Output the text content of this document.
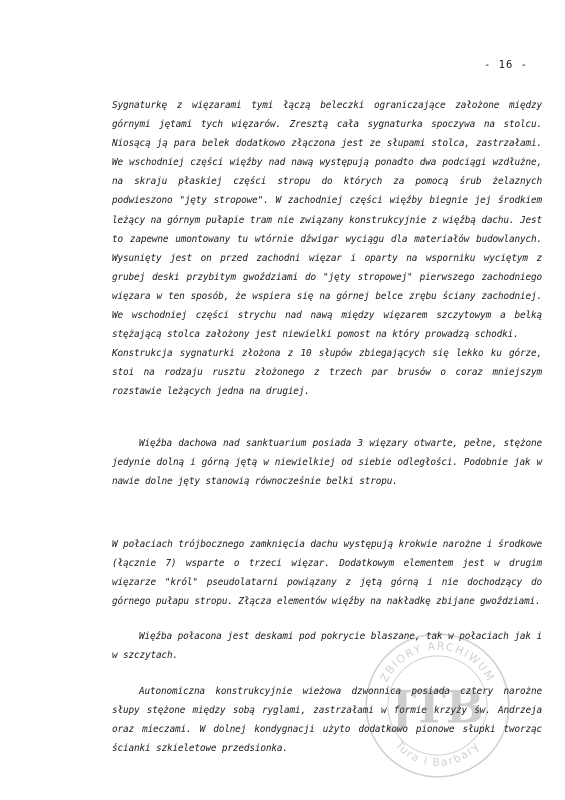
- 16 -

Sygnaturkę z więzarami tymi łączą beleczki ograniczające założone między górnymi jętami tych więzarów. Zresztą cała sygnaturka spoczywa na stolcu. Niosącą ją para belek dodatkowo złączona jest ze słupami stolca, zastrzałami. We wschodniej części więźby nad nawą występują ponadto dwa podciągi wzdłużne, na skraju płaskiej części stropu do których za pomocą śrub żelaznych podwieszono "jęty stropowe". W zachodniej części więźby biegnie jej środkiem leżący na górnym pułapie tram nie związany konstrukcyjnie z więźbą dachu. Jest to zapewne umontowany tu wtórnie dźwigar wyciągu dla materiałów budowlanych. Wysunięty jest on przed zachodni więzar i oparty na wsporniku wyciętym z grubej deski przybitym gwoździami do "jęty stropowej" pierwszego zachodniego więzara w ten sposób, że wspiera się na górnej belce zrębu ściany zachodniej. We wschodniej części strychu nad nawą między więzarem szczytowym a belką stężającą stolca założony jest niewielki pomost na który prowadzą schodki.

Konstrukcja sygnaturki złożona z 10 słupów zbiegających się lekko ku górze, stoi na rodzaju rusztu złożonego z trzech par brusów o coraz mniejszym rozstawie leżących jedna na drugiej.

Więźba dachowa nad sanktuarium posiada 3 więzary otwarte, pełne, stężone jedynie dolną i górną jętą w niewielkiej od siebie odległości. Podobnie jak w nawie dolne jęty stanowią równocześnie belki stropu.

W połaciach trójbocznego zamknięcia dachu występują krokwie narożne i środkowe (łącznie 7) wsparte o trzeci więzar. Dodatkowym elementem jest w drugim więzarze "król" pseudolatarni powiązany z jętą górną i nie dochodzący do górnego pułapu stropu. Złącza elementów więźby na nakładkę zbijane gwoździami.

Więźba połacona jest deskami pod pokrycie blaszane, tak w połaciach jak i w szczytach.

Autonomiczna konstrukcyjnie wieżowa dzwonnica posiada cztery narożne słupy stężone między sobą ryglami, zastrzałami w formie krzyży św. Andrzeja oraz mieczami. W dolnej kondygnacji użyto dodatkowo pionowe słupki tworząc ścianki szkieletowe przedsionka.

ZBIORY ARCHIWUM
Tura i Barbary
JTB
